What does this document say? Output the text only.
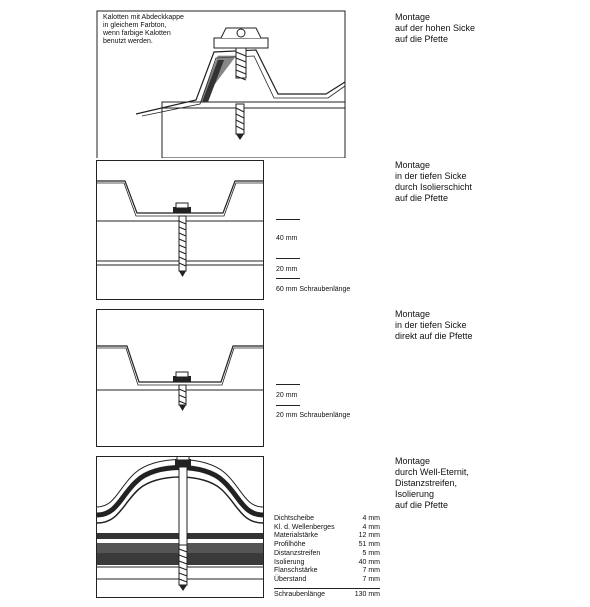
Kalotten mit Abdeckkappe
in gleichem Farbton,
wenn farbige Kalotten
benutzt werden.
Montage
auf der hohen Sicke
auf die Pfette
40 mm
20 mm
60 mm Schraubenlänge
Montage
in der tiefen Sicke
durch Isolierschicht
auf die Pfette
20 mm
20 mm Schraubenlänge
Montage
in der tiefen Sicke
direkt auf die Pfette
Dichtscheibe	4 mm
Kl. d. Wellenberges	4 mm
Materialstärke	12 mm
Profilhöhe	51 mm
Distanzstreifen	5 mm
Isolierung	40 mm
Flanschstärke	7 mm
Überstand	7 mm
Schraubenlänge	130 mm
Montage
durch Well-Eternit,
Distanzstreifen,
Isolierung
auf die Pfette
